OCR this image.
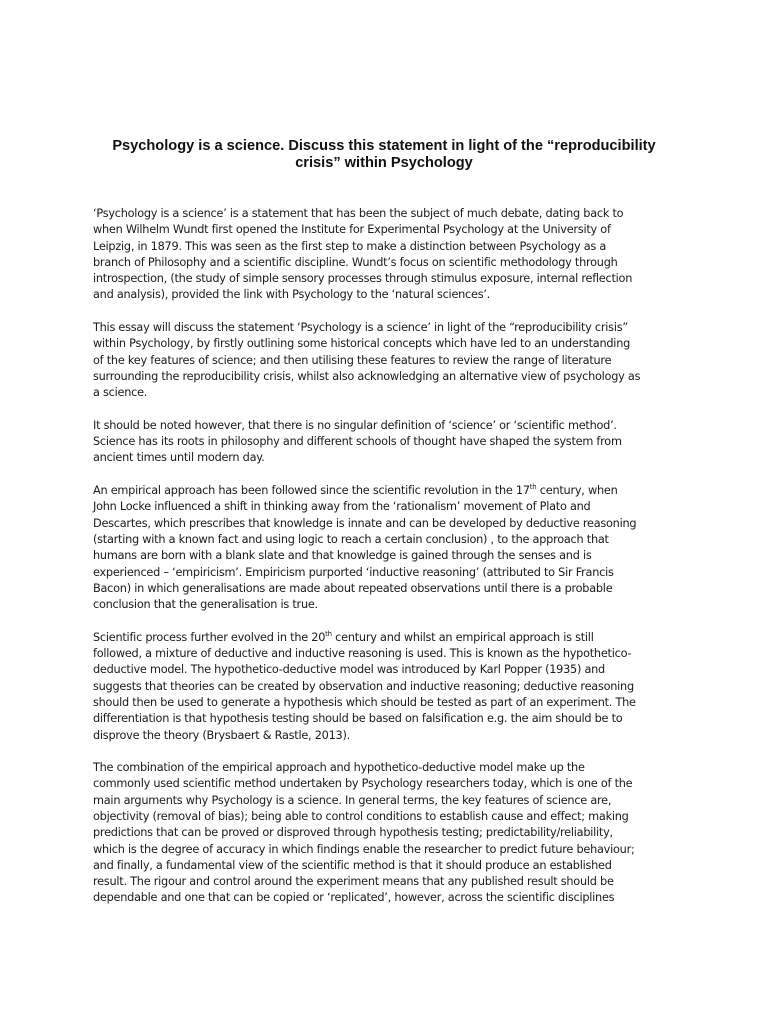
Psychology is a science. Discuss this statement in light of the “reproducibility
crisis” within Psychology

‘Psychology is a science’ is a statement that has been the subject of much debate, dating back to
when Wilhelm Wundt first opened the Institute for Experimental Psychology at the University of
Leipzig, in 1879. This was seen as the first step to make a distinction between Psychology as a
branch of Philosophy and a scientific discipline. Wundt’s focus on scientific methodology through
introspection, (the study of simple sensory processes through stimulus exposure, internal reflection
and analysis), provided the link with Psychology to the ‘natural sciences’.

This essay will discuss the statement ‘Psychology is a science’ in light of the “reproducibility crisis”
within Psychology, by firstly outlining some historical concepts which have led to an understanding
of the key features of science; and then utilising these features to review the range of literature
surrounding the reproducibility crisis, whilst also acknowledging an alternative view of psychology as
a science.

It should be noted however, that there is no singular definition of ‘science’ or ‘scientific method’.
Science has its roots in philosophy and different schools of thought have shaped the system from
ancient times until modern day.

An empirical approach has been followed since the scientific revolution in the 17th century, when
John Locke influenced a shift in thinking away from the ‘rationalism’ movement of Plato and
Descartes, which prescribes that knowledge is innate and can be developed by deductive reasoning
(starting with a known fact and using logic to reach a certain conclusion) , to the approach that
humans are born with a blank slate and that knowledge is gained through the senses and is
experienced – ‘empiricism’. Empiricism purported ‘inductive reasoning’ (attributed to Sir Francis
Bacon) in which generalisations are made about repeated observations until there is a probable
conclusion that the generalisation is true.

Scientific process further evolved in the 20th century and whilst an empirical approach is still
followed, a mixture of deductive and inductive reasoning is used. This is known as the hypothetico-
deductive model. The hypothetico-deductive model was introduced by Karl Popper (1935) and
suggests that theories can be created by observation and inductive reasoning; deductive reasoning
should then be used to generate a hypothesis which should be tested as part of an experiment. The
differentiation is that hypothesis testing should be based on falsification e.g. the aim should be to
disprove the theory (Brysbaert & Rastle, 2013).

The combination of the empirical approach and hypothetico-deductive model make up the
commonly used scientific method undertaken by Psychology researchers today, which is one of the
main arguments why Psychology is a science. In general terms, the key features of science are,
objectivity (removal of bias); being able to control conditions to establish cause and effect; making
predictions that can be proved or disproved through hypothesis testing; predictability/reliability,
which is the degree of accuracy in which findings enable the researcher to predict future behaviour;
and finally, a fundamental view of the scientific method is that it should produce an established
result. The rigour and control around the experiment means that any published result should be
dependable and one that can be copied or ‘replicated’, however, across the scientific disciplines
